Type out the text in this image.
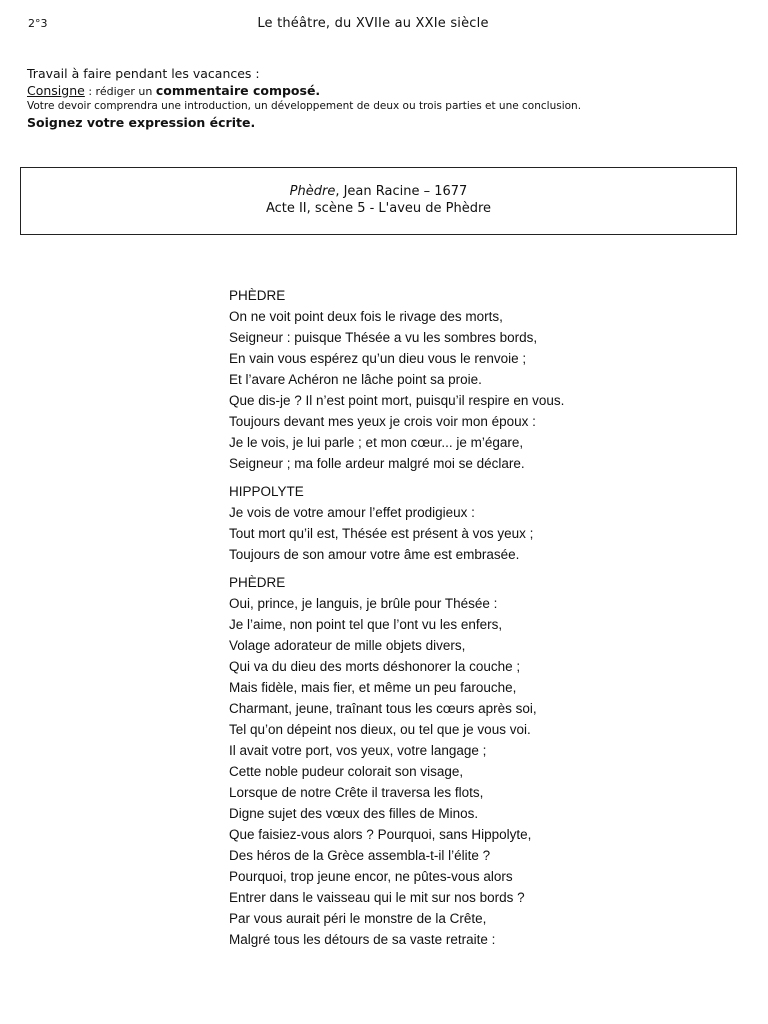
2°3	Le théâtre, du XVIIe au XXIe siècle
Travail à faire pendant les vacances :
Consigne : rédiger un commentaire composé.
Votre devoir comprendra une introduction, un développement de deux ou trois parties et une conclusion.
Soignez votre expression écrite.
Phèdre, Jean Racine – 1677
Acte II, scène 5 - L'aveu de Phèdre
PHÈDRE
On ne voit point deux fois le rivage des morts,
Seigneur : puisque Thésée a vu les sombres bords,
En vain vous espérez qu’un dieu vous le renvoie ;
Et l’avare Achéron ne lâche point sa proie.
Que dis-je ? Il n’est point mort, puisqu’il respire en vous.
Toujours devant mes yeux je crois voir mon époux :
Je le vois, je lui parle ; et mon cœur... je m’égare,
Seigneur ; ma folle ardeur malgré moi se déclare.
HIPPOLYTE
Je vois de votre amour l’effet prodigieux :
Tout mort qu’il est, Thésée est présent à vos yeux ;
Toujours de son amour votre âme est embrasée.
PHÈDRE
Oui, prince, je languis, je brûle pour Thésée :
Je l’aime, non point tel que l’ont vu les enfers,
Volage adorateur de mille objets divers,
Qui va du dieu des morts déshonorer la couche ;
Mais fidèle, mais fier, et même un peu farouche,
Charmant, jeune, traînant tous les cœurs après soi,
Tel qu’on dépeint nos dieux, ou tel que je vous voi.
Il avait votre port, vos yeux, votre langage ;
Cette noble pudeur colorait son visage,
Lorsque de notre Crête il traversa les flots,
Digne sujet des vœux des filles de Minos.
Que faisiez-vous alors ? Pourquoi, sans Hippolyte,
Des héros de la Grèce assembla-t-il l’élite ?
Pourquoi, trop jeune encor, ne pûtes-vous alors
Entrer dans le vaisseau qui le mit sur nos bords ?
Par vous aurait péri le monstre de la Crête,
Malgré tous les détours de sa vaste retraite :
